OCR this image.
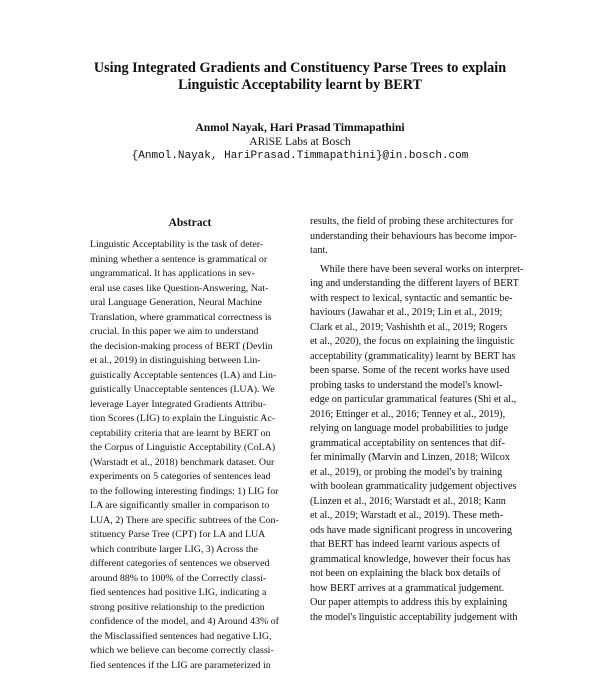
Using Integrated Gradients and Constituency Parse Trees to explain
Linguistic Acceptability learnt by BERT
Anmol Nayak, Hari Prasad Timmapathini
ARiSE Labs at Bosch
{Anmol.Nayak, HariPrasad.Timmapathini}@in.bosch.com
Abstract
Linguistic Acceptability is the task of deter-
mining whether a sentence is grammatical or
ungrammatical. It has applications in sev-
eral use cases like Question-Answering, Nat-
ural Language Generation, Neural Machine
Translation, where grammatical correctness is
crucial. In this paper we aim to understand
the decision-making process of BERT (Devlin
et al., 2019) in distinguishing between Lin-
guistically Acceptable sentences (LA) and Lin-
guistically Unacceptable sentences (LUA). We
leverage Layer Integrated Gradients Attribu-
tion Scores (LIG) to explain the Linguistic Ac-
ceptability criteria that are learnt by BERT on
the Corpus of Linguistic Acceptability (CoLA)
(Warstadt et al., 2018) benchmark dataset. Our
experiments on 5 categories of sentences lead
to the following interesting findings: 1) LIG for
LA are significantly smaller in comparison to
LUA, 2) There are specific subtrees of the Con-
stituency Parse Tree (CPT) for LA and LUA
which contribute larger LIG, 3) Across the
different categories of sentences we observed
around 88% to 100% of the Correctly classi-
fied sentences had positive LIG, indicating a
strong positive relationship to the prediction
confidence of the model, and 4) Around 43% of
the Misclassified sentences had negative LIG,
which we believe can become correctly classi-
fied sentences if the LIG are parameterized in
results, the field of probing these architectures for
understanding their behaviours has become impor-
tant.
While there have been several works on interpret-
ing and understanding the different layers of BERT
with respect to lexical, syntactic and semantic be-
haviours (Jawahar et al., 2019; Lin et al., 2019;
Clark et al., 2019; Vashishth et al., 2019; Rogers
et al., 2020), the focus on explaining the linguistic
acceptability (grammaticality) learnt by BERT has
been sparse. Some of the recent works have used
probing tasks to understand the model's knowl-
edge on particular grammatical features (Shi et al.,
2016; Ettinger et al., 2016; Tenney et al., 2019),
relying on language model probabilities to judge
grammatical acceptability on sentences that dif-
fer minimally (Marvin and Linzen, 2018; Wilcox
et al., 2019), or probing the model's by training
with boolean grammaticality judgement objectives
(Linzen et al., 2016; Warstadt et al., 2018; Kann
et al., 2019; Warstadt et al., 2019). These meth-
ods have made significant progress in uncovering
that BERT has indeed learnt various aspects of
grammatical knowledge, however their focus has
not been on explaining the black box details of
how BERT arrives at a grammatical judgement.
Our paper attempts to address this by explaining
the model's linguistic acceptability judgement with
